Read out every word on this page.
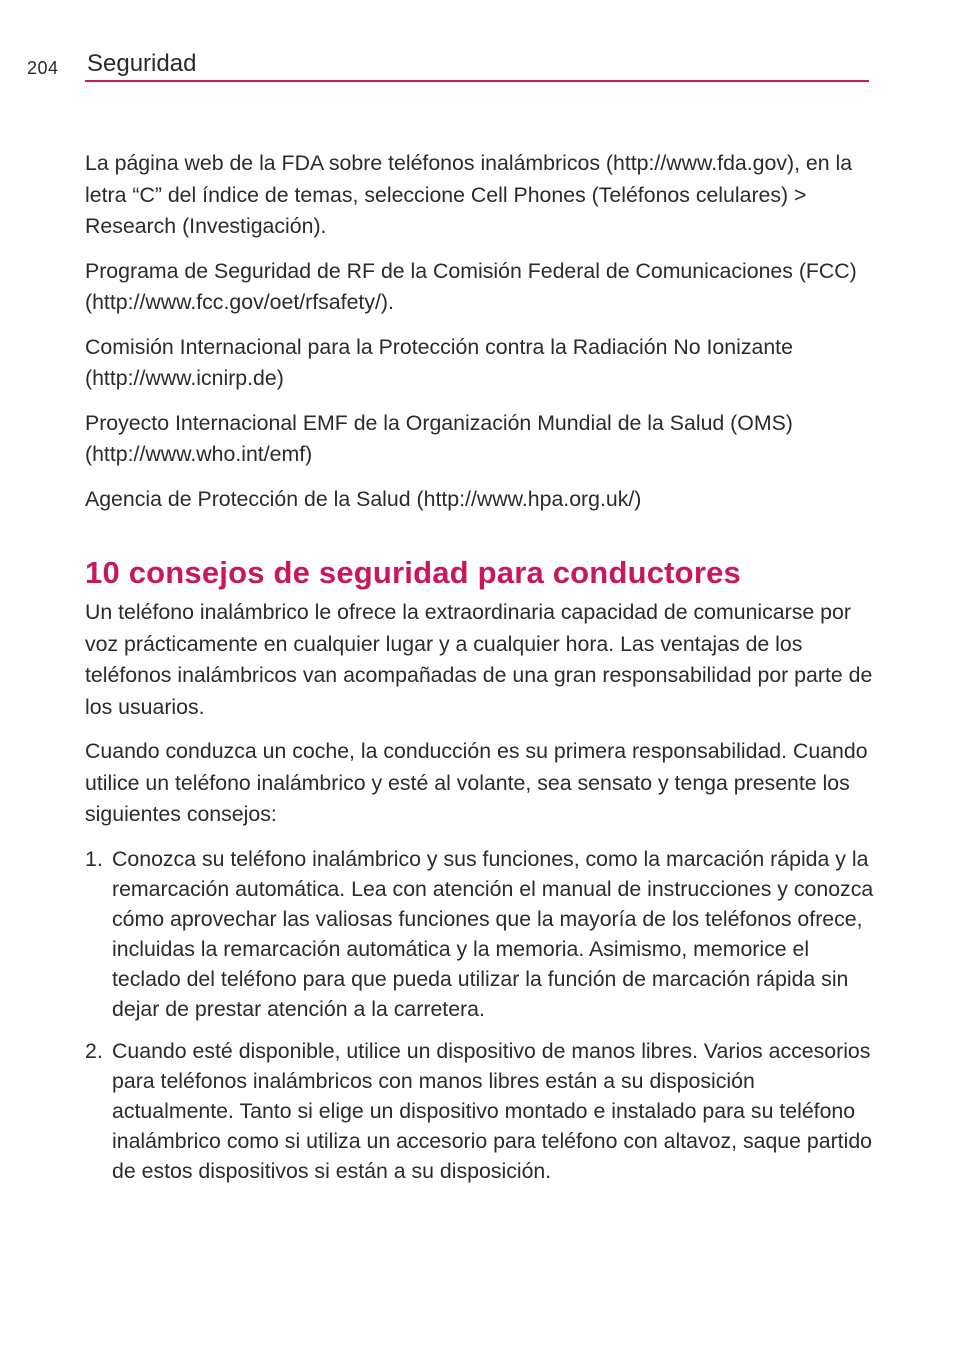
204 Seguridad

La página web de la FDA sobre teléfonos inalámbricos (http://www.fda.gov), en la letra “C” del índice de temas, seleccione Cell Phones (Teléfonos celulares) > Research (Investigación).

Programa de Seguridad de RF de la Comisión Federal de Comunicaciones (FCC) (http://www.fcc.gov/oet/rfsafety/).

Comisión Internacional para la Protección contra la Radiación No Ionizante (http://www.icnirp.de)

Proyecto Internacional EMF de la Organización Mundial de la Salud (OMS) (http://www.who.int/emf)

Agencia de Protección de la Salud (http://www.hpa.org.uk/)

10 consejos de seguridad para conductores

Un teléfono inalámbrico le ofrece la extraordinaria capacidad de comunicarse por voz prácticamente en cualquier lugar y a cualquier hora. Las ventajas de los teléfonos inalámbricos van acompañadas de una gran responsabilidad por parte de los usuarios.

Cuando conduzca un coche, la conducción es su primera responsabilidad. Cuando utilice un teléfono inalámbrico y esté al volante, sea sensato y tenga presente los siguientes consejos:

1. Conozca su teléfono inalámbrico y sus funciones, como la marcación rápida y la remarcación automática. Lea con atención el manual de instrucciones y conozca cómo aprovechar las valiosas funciones que la mayoría de los teléfonos ofrece, incluidas la remarcación automática y la memoria. Asimismo, memorice el teclado del teléfono para que pueda utilizar la función de marcación rápida sin dejar de prestar atención a la carretera.
2. Cuando esté disponible, utilice un dispositivo de manos libres. Varios accesorios para teléfonos inalámbricos con manos libres están a su disposición actualmente. Tanto si elige un dispositivo montado e instalado para su teléfono inalámbrico como si utiliza un accesorio para teléfono con altavoz, saque partido de estos dispositivos si están a su disposición.
